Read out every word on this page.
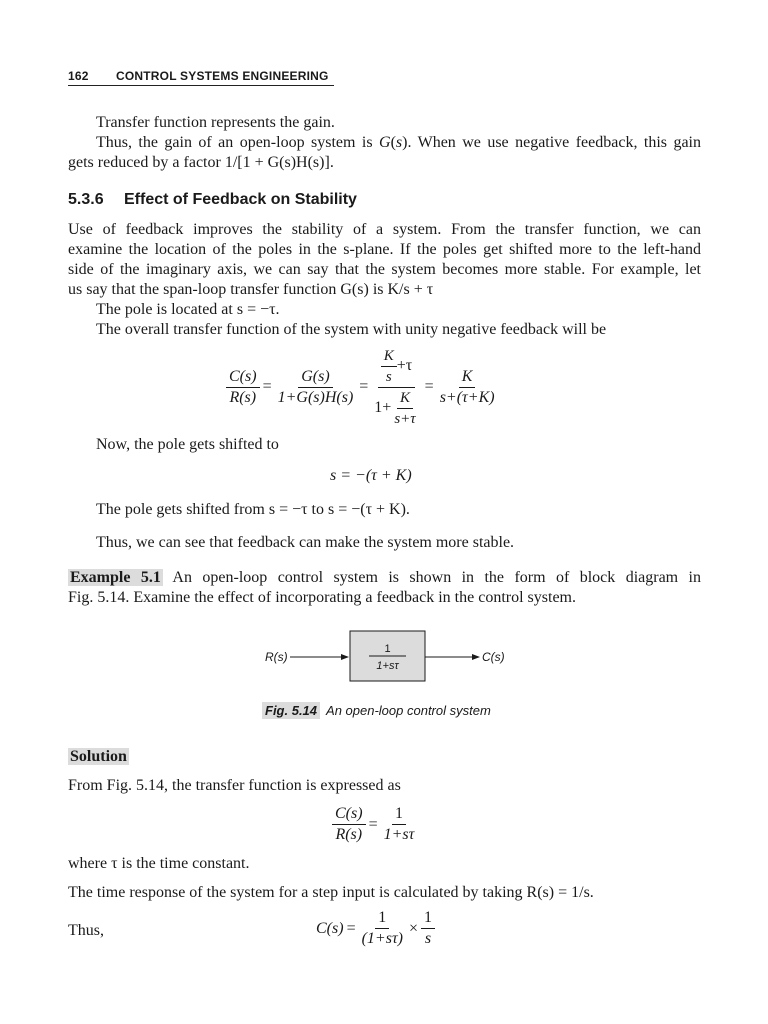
162 CONTROL SYSTEMS ENGINEERING
Transfer function represents the gain.
Thus, the gain of an open-loop system is G(s). When we use negative feedback, this gain
gets reduced by a factor 1/[1 + G(s)H(s)].
5.3.6 Effect of Feedback on Stability
Use of feedback improves the stability of a system. From the transfer function, we can
examine the location of the poles in the s-plane. If the poles get shifted more to the left-hand
side of the imaginary axis, we can say that the system becomes more stable. For example, let
us say that the span-loop transfer function G(s) is K/s + τ
The pole is located at s = −τ.
The overall transfer function of the system with unity negative feedback will be
$\frac{C(s)}{R(s)} = \frac{G(s)}{1+G(s)H(s)} = \frac{\frac{K}{s} +\tau}{1+ \frac{K}{s+\tau}} = \frac{K}{s+(\tau+K)}$
Now, the pole gets shifted to
s = −(τ + K)
The pole gets shifted from s = −τ to s = −(τ + K).
Thus, we can see that feedback can make the system more stable.
Example 5.1 An open-loop control system is shown in the form of block diagram in
Fig. 5.14. Examine the effect of incorporating a feedback in the control system.
R(s)
1
1+sτ
C(s)
Fig. 5.14 An open-loop control system
Solution
From Fig. 5.14, the transfer function is expressed as
$\frac{C(s)}{R(s)} = \frac{1}{1+s\tau}$
where τ is the time constant.
The time response of the system for a step input is calculated by taking R(s) = 1/s.
Thus,	$C(s) = \frac{1}{(1+s\tau)} \times \frac{1}{s}$
